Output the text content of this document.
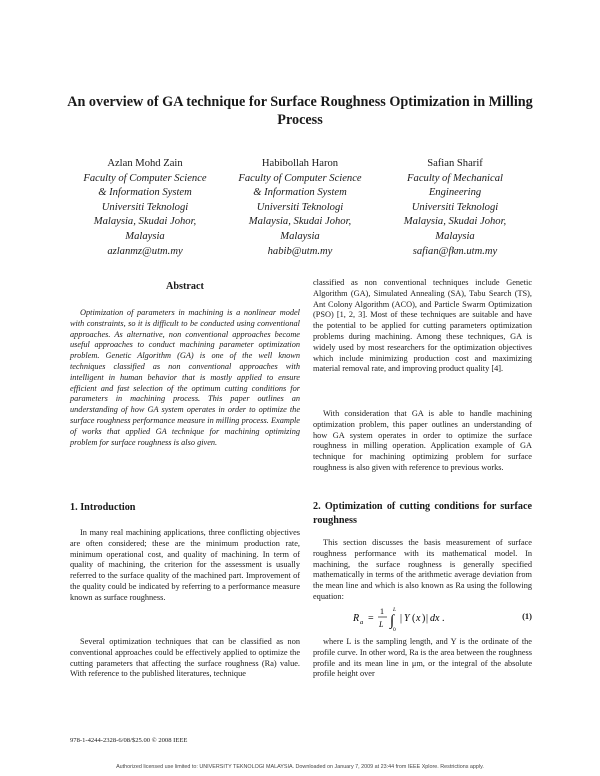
An overview of GA technique for Surface Roughness Optimization in Milling Process
Azlan Mohd Zain
Faculty of Computer Science
& Information System
Universiti Teknologi
Malaysia, Skudai Johor,
Malaysia
azlanmz@utm.my
Habibollah Haron
Faculty of Computer Science
& Information System
Universiti Teknologi
Malaysia, Skudai Johor,
Malaysia
habib@utm.my
Safian Sharif
Faculty of Mechanical
Engineering
Universiti Teknologi
Malaysia, Skudai Johor,
Malaysia
safian@fkm.utm.my
Abstract

Optimization of parameters in machining is a nonlinear model with constraints, so it is difficult to be conducted using conventional approaches. As alternative, non conventional approaches become useful approaches to conduct machining parameter optimization problem. Genetic Algorithm (GA) is one of the well known techniques classified as non conventional approaches with intelligent in human behavior that is mostly applied to ensure efficient and fast selection of the optimum cutting conditions for parameters in machining process. This paper outlines an understanding of how GA system operates in order to optimize the surface roughness performance measure in milling process. Example of works that applied GA technique for machining optimizing problem for surface roughness is also given.

1. Introduction

In many real machining applications, three conflicting objectives are often considered; these are the minimum production rate, minimum operational cost, and quality of machining. In term of quality of machining, the criterion for the assessment is usually referred to the surface quality of the machined part. Improvement of the quality could be indicated by referring to a performance measure known as surface roughness.

Several optimization techniques that can be classified as non conventional approaches could be effectively applied to optimize the cutting parameters that affecting the surface roughness (Ra) value. With reference to the published literatures, technique

classified as non conventional techniques include Genetic Algorithm (GA), Simulated Annealing (SA), Tabu Search (TS), Ant Colony Algorithm (ACO), and Particle Swarm Optimization (PSO) [1, 2, 3]. Most of these techniques are suitable and have the potential to be applied for cutting parameters optimization problems during machining. Among these techniques, GA is widely used by most researchers for the optimization objectives which include minimizing production cost and maximizing material removal rate, and improving product quality [4].

With consideration that GA is able to handle machining optimization problem, this paper outlines an understanding of how GA system operates in order to optimize the surface roughness in milling operation. Application example of GA technique for machining optimizing problem for surface roughness is also given with reference to previous works.

2. Optimization of cutting conditions for surface roughness

This section discusses the basis measurement of surface roughness performance with its mathematical model. In machining, the surface roughness is generally specified mathematically in terms of the arithmetic average deviation from the mean line and which is also known as Ra using the following equation:

R a =
1
L ∫
L
0
| Y ( x ) | dx .	(1)

where L is the sampling length, and Y is the ordinate of the profile curve. In other word, Ra is the area between the roughness profile and its mean line in μm, or the integral of the absolute profile height over

978-1-4244-2328-6/08/$25.00 © 2008 IEEE
Authorized licensed use limited to: UNIVERSITY TEKNOLOGI MALAYSIA. Downloaded on January 7, 2009 at 23:44 from IEEE Xplore. Restrictions apply.
